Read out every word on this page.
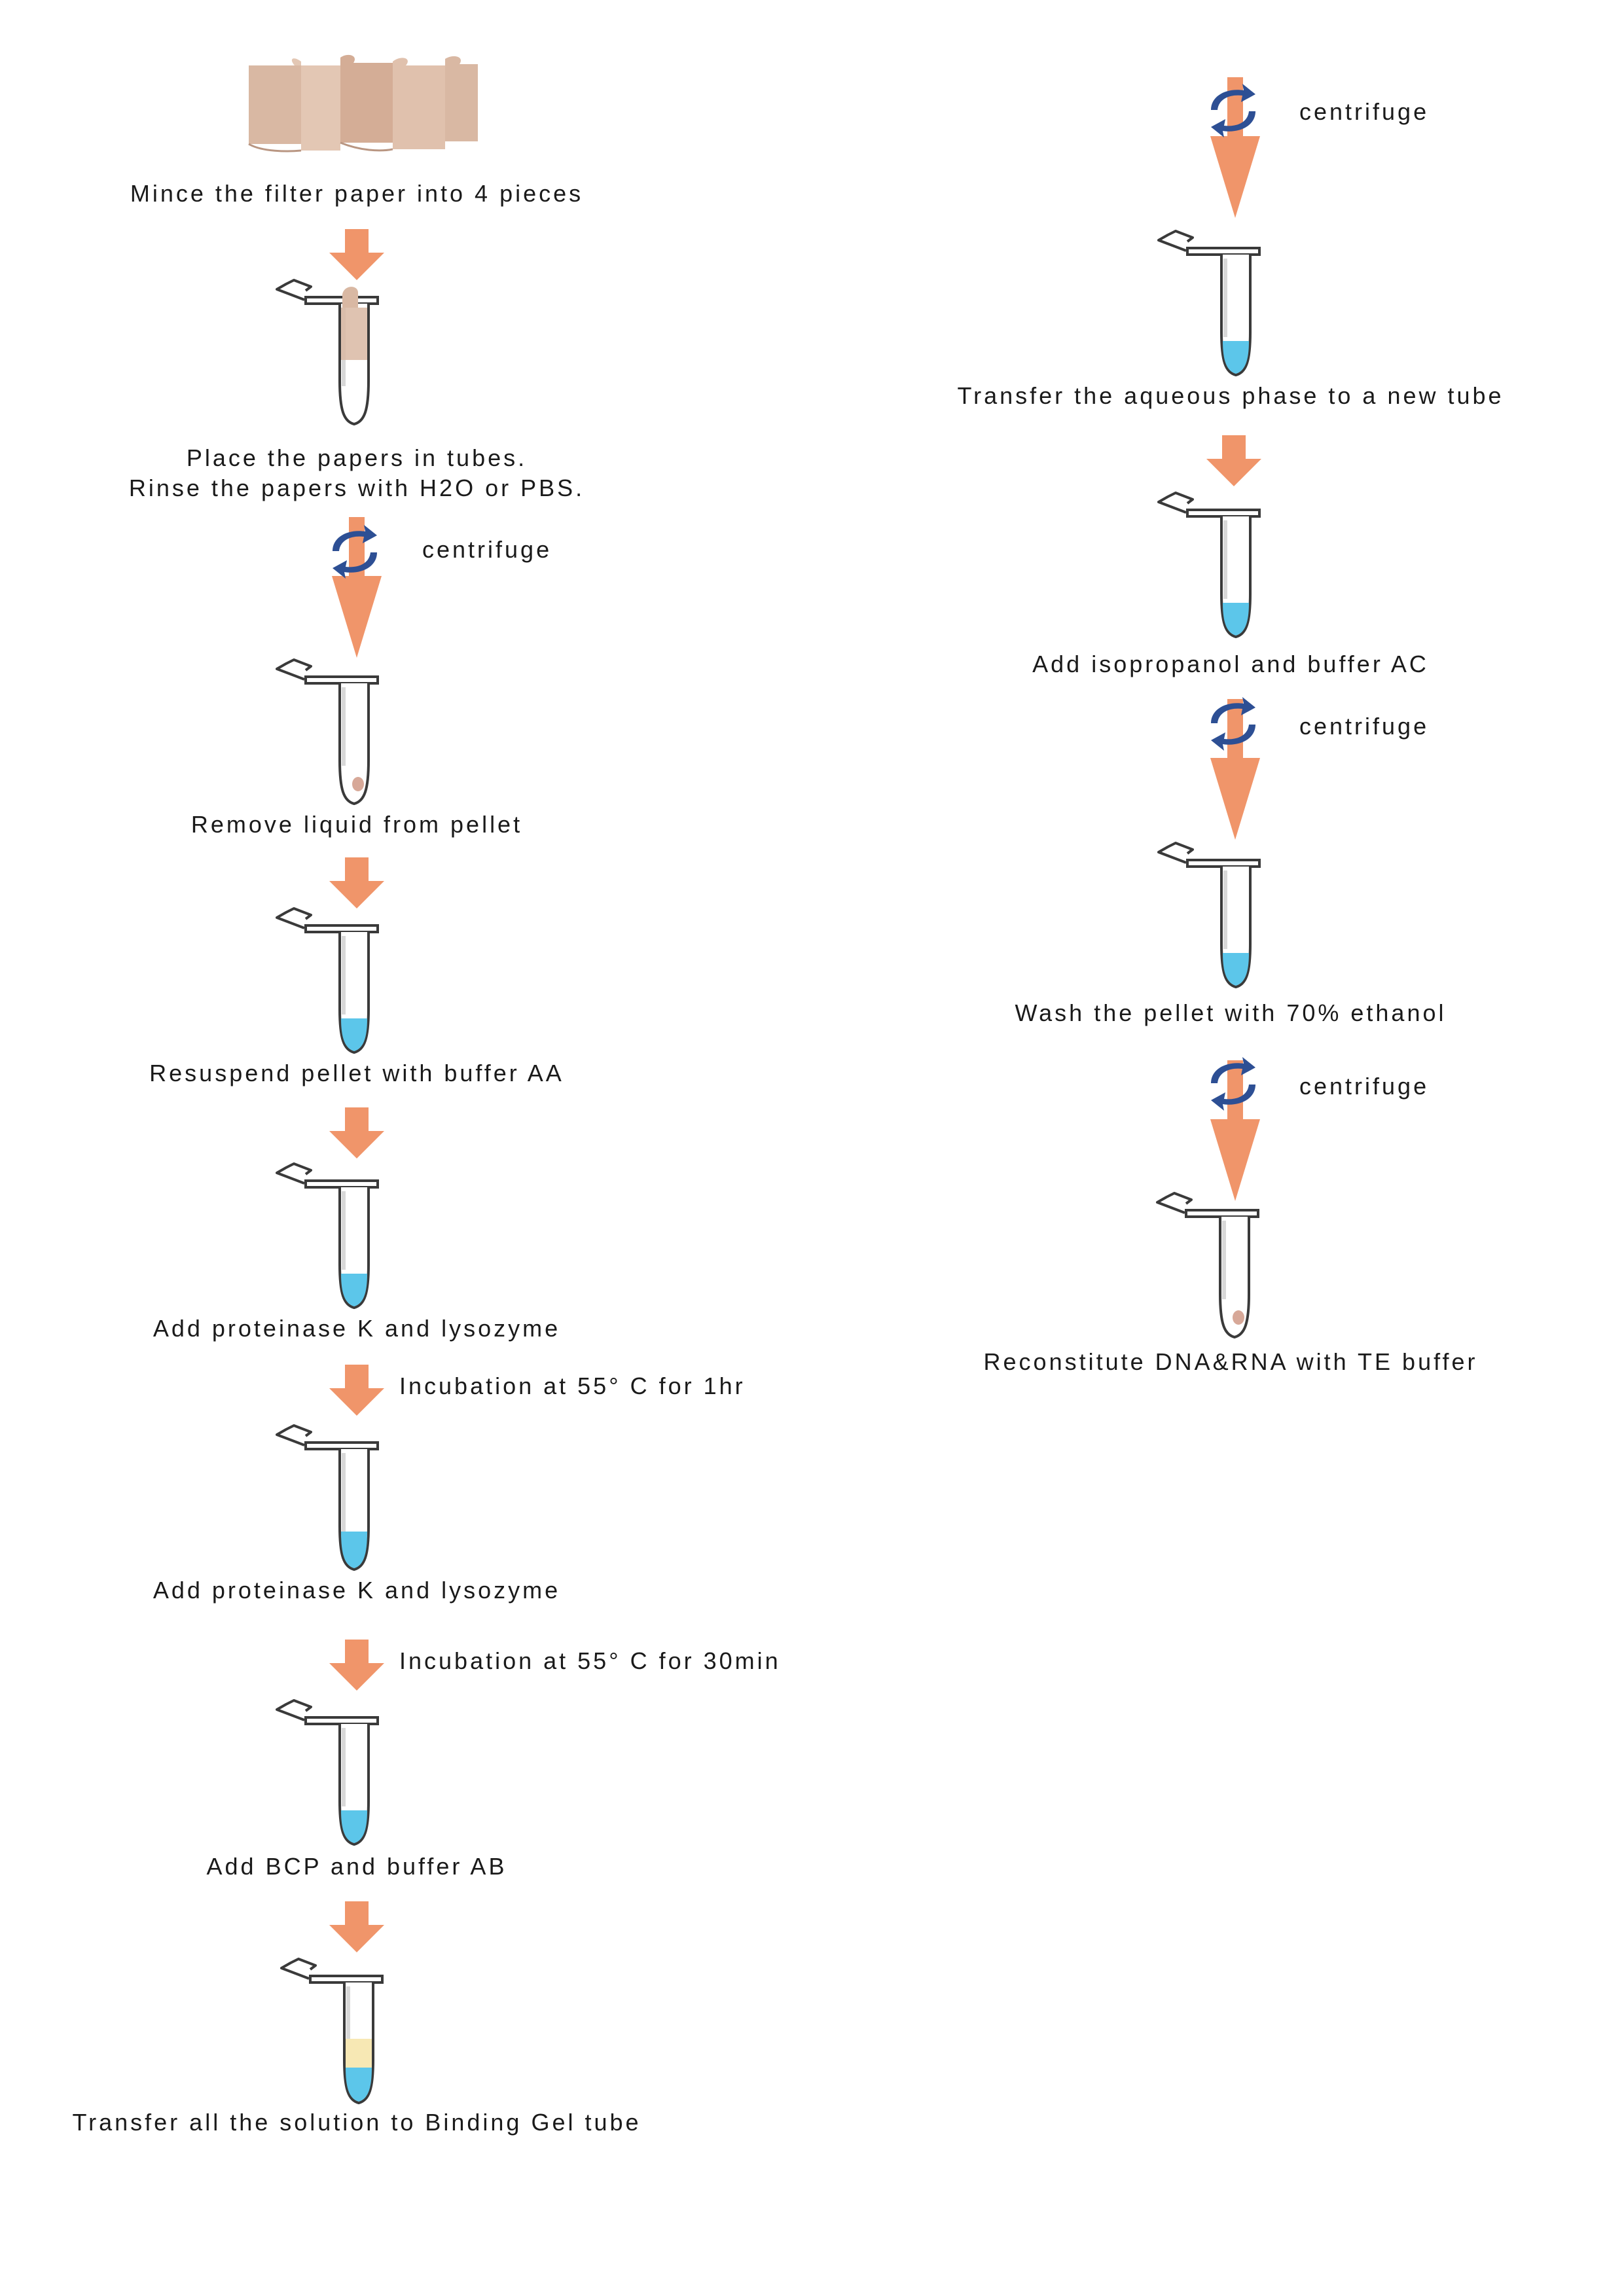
Mince the filter paper into 4 pieces
Place the papers in tubes.
Rinse the papers with H2O or PBS.
centrifuge
Remove liquid from pellet
Resuspend pellet with buffer AA
Add proteinase K and lysozyme
Incubation at 55° C for 1hr
Add proteinase K and lysozyme
Incubation at 55° C for 30min
Add BCP and buffer AB
Transfer all the solution to Binding Gel tube
centrifuge
Transfer the aqueous phase to a new tube
Add isopropanol and buffer AC
centrifuge
Wash the pellet with 70% ethanol
centrifuge
Reconstitute DNA&RNA with TE buffer
